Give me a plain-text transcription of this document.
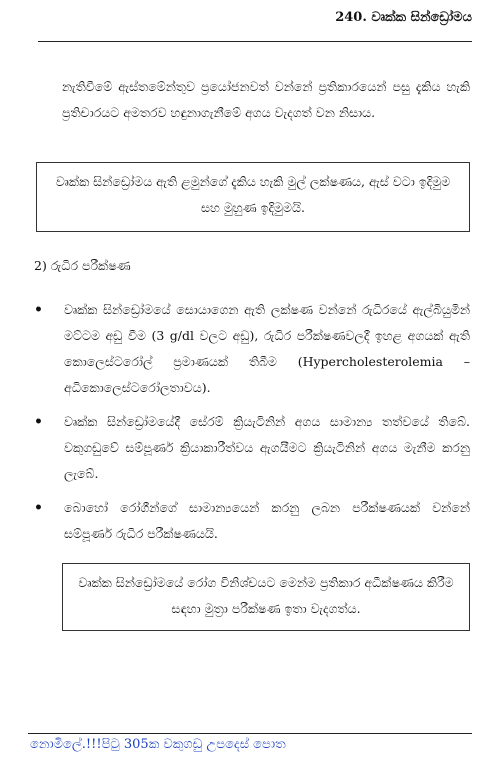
240. වෘක්ක සින්ඩ්‍රෝමය

නැතිවීමේ ඇස්තමේන්තුව ප්‍රයෝජනවත් වන්නේ ප්‍රතිකාරයෙන් පසු දැකිය හැකි ප්‍රතිචාරයට අමතරව හඳුනාගැනීමේ අගය වැදගත් වන නිසාය.

වෘක්ක සින්ඩ්‍රෝමය ඇති ළමුන්ගේ දැකිය හැකි මුල් ලක්ෂණය, ඇස් වටා ඉදිමුම සහ මුහුණ ඉදිමුමයි.
2) රුධිර පරීක්ෂණ
• වෘක්ක සින්ඩ්‍රෝමයේ සොයාගෙන ඇති ලක්ෂණ වන්නේ රුධිරයේ ඇල්බියුමින් මට්ටම අඩු වීම (3 g/dl වලට අඩු), රුධිර පරීක්ෂණවලදී ඉහළ අගයක් ඇති කොලෙස්ටරෝල් ප්‍රමාණයක් තිබීම (Hypercholesterolemia – අධිකොලෙස්ටරෝලතාවය).
• වෘක්ක සින්ඩ්‍රෝමයේදී සේරම් ක්‍රියැටිනින් අගය සාමාන්‍ය තත්වයේ තිබේ. වකුගඩුවේ සම්පූර්ණ ක්‍රියාකාරීත්වය ඇගයීමට ක්‍රියැටිනින් අගය මැනීම කරනු ලැබේ.
• බොහෝ රෝගීන්ගේ සාමාන්‍යයෙන් කරනු ලබන පරීක්ෂණයක් වන්නේ සම්පූර්ණ රුධිර පරීක්ෂණයයි.
වෘක්ක සින්ඩ්‍රෝමයේ රෝග විනිශ්චයට මෙන්ම ප්‍රතිකාර අධීක්ෂණය කිරීම සඳහා මුත්‍රා පරීක්ෂණ ඉතා වැදගත්ය.
නොමිලේ.!!!පිටු 305ක වකුගඩු උපදෙස් පොත
